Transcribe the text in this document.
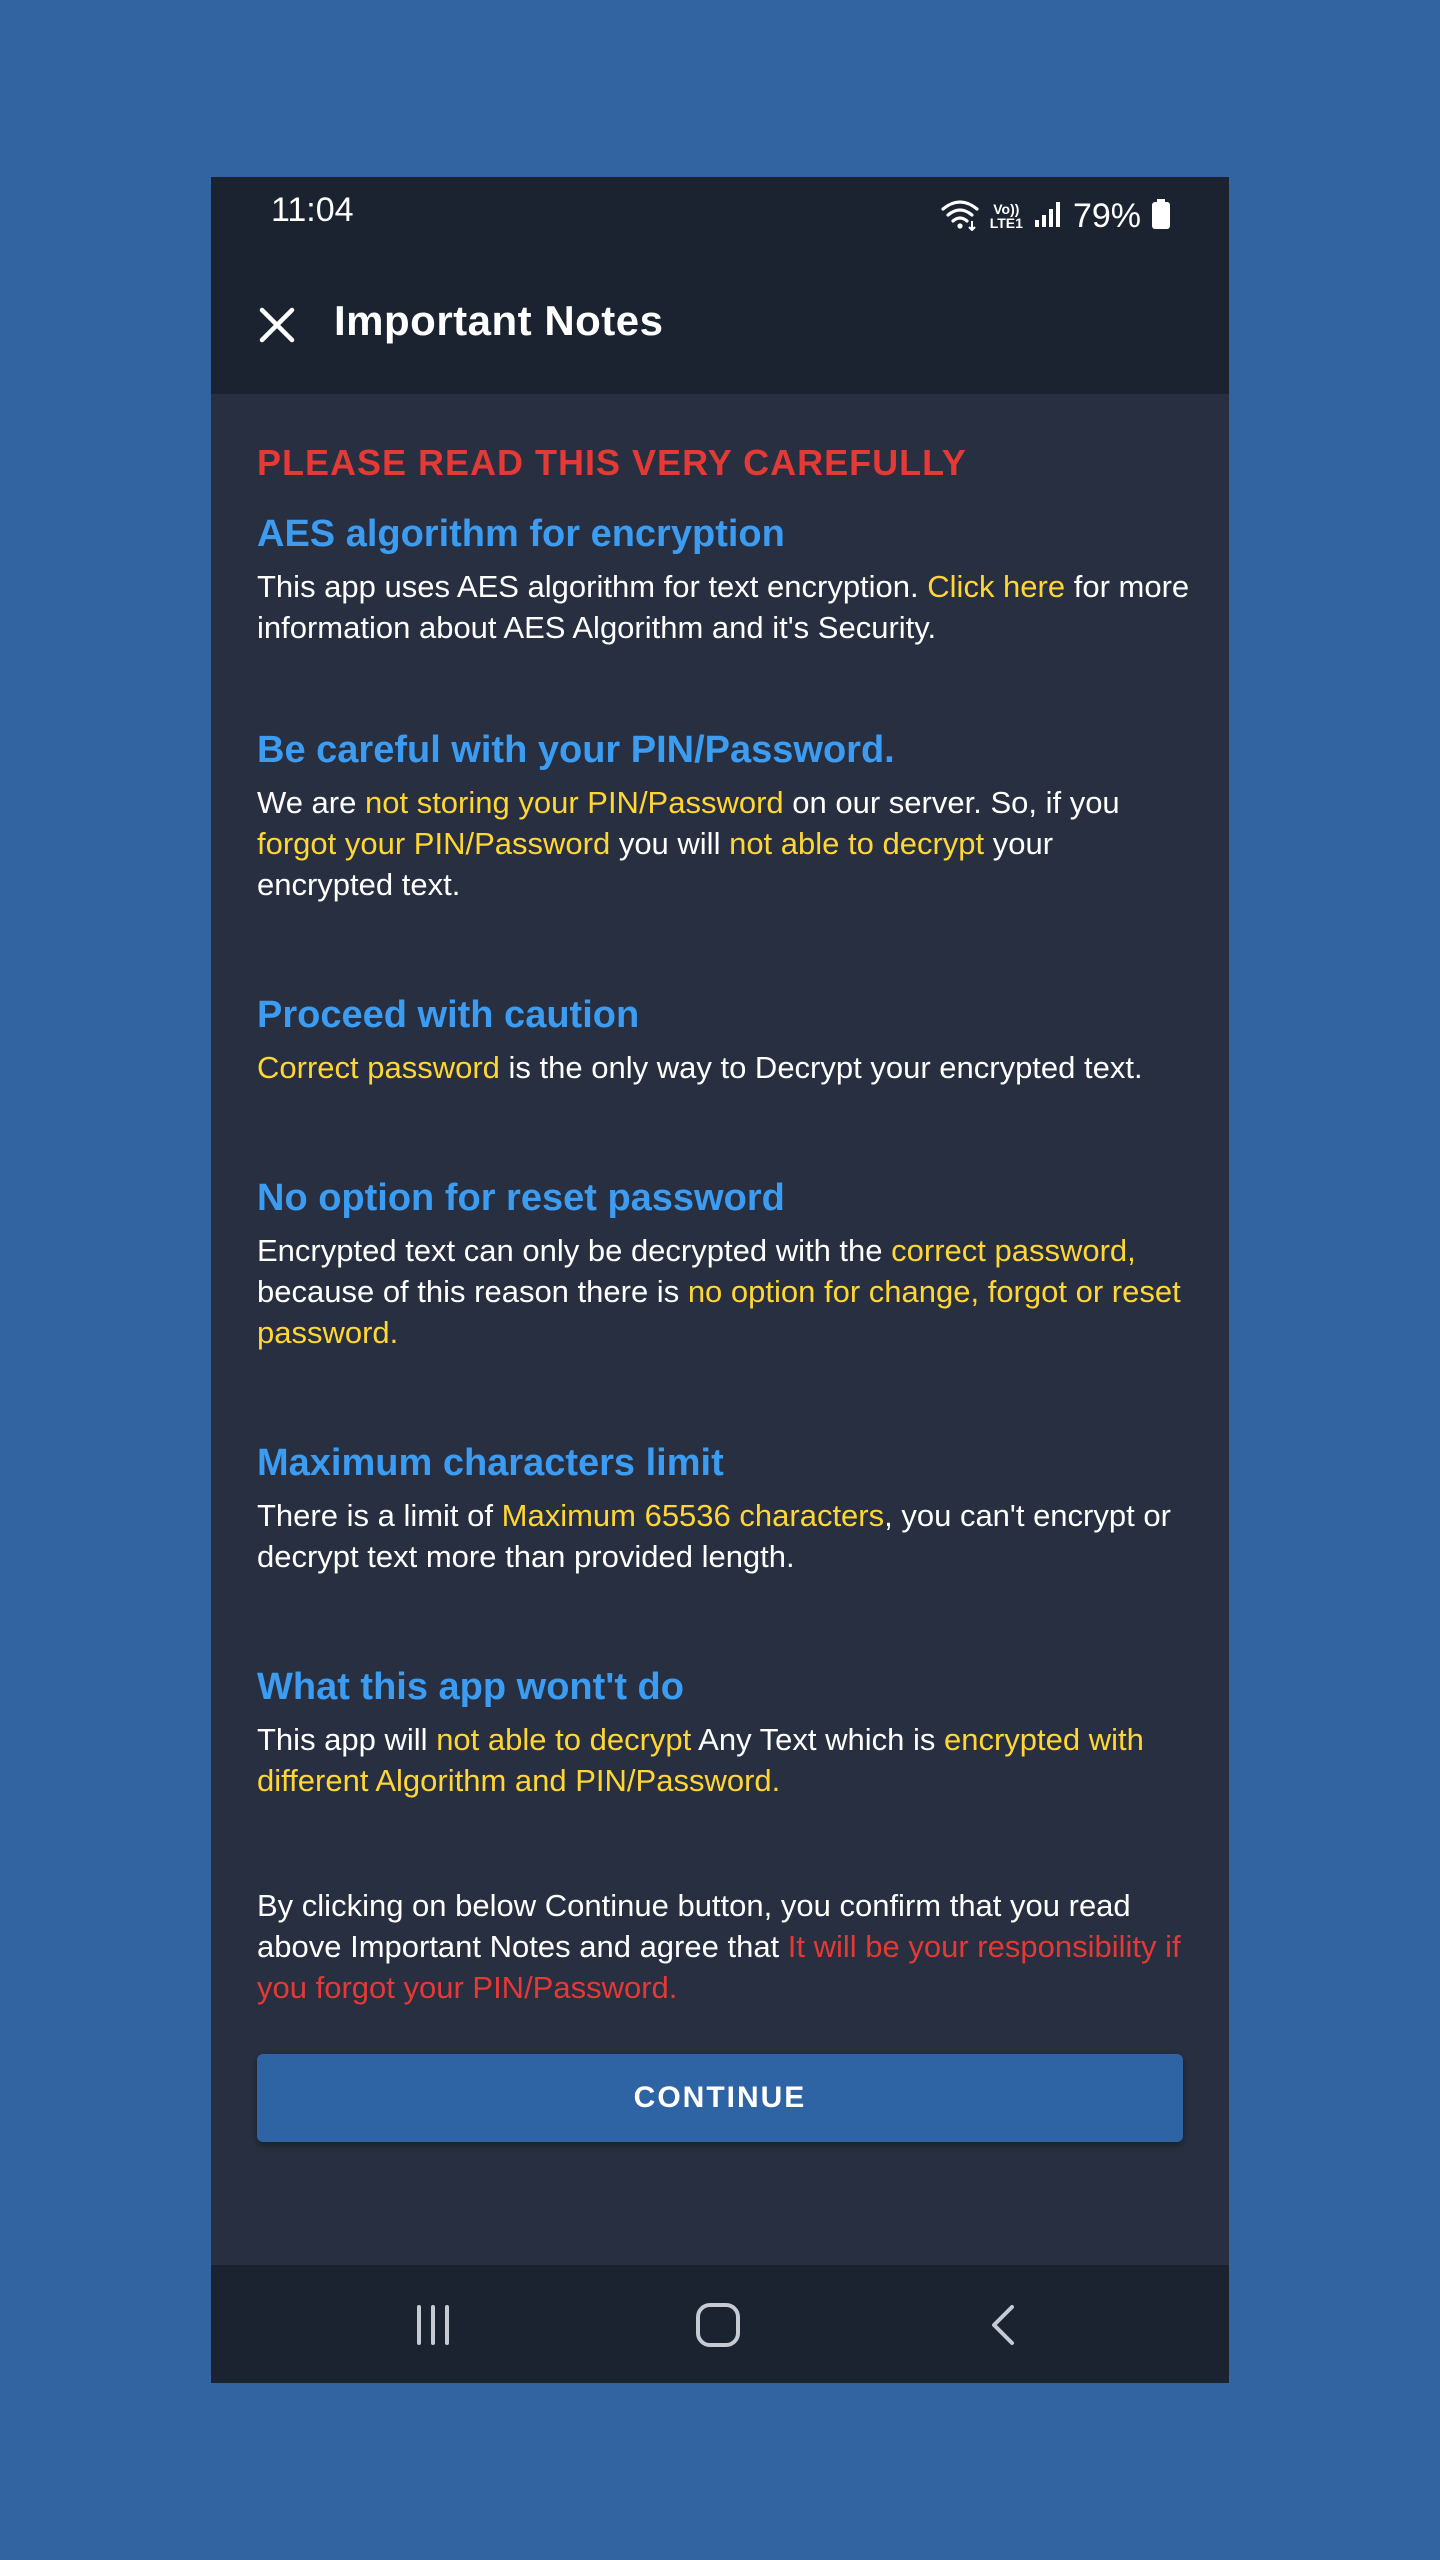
11:04	Vo))
LTE1 79%
Important Notes

PLEASE READ THIS VERY CAREFULLY

AES algorithm for encryption

This app uses AES algorithm for text encryption. Click here for more information about AES Algorithm and it's Security.

Be careful with your PIN/Password.

We are not storing your PIN/Password on our server. So, if you forgot your PIN/Password you will not able to decrypt your encrypted text.

Proceed with caution

Correct password is the only way to Decrypt your encrypted text.

No option for reset password

Encrypted text can only be decrypted with the correct password, because of this reason there is no option for change, forgot or reset password.

Maximum characters limit

There is a limit of Maximum 65536 characters, you can't encrypt or decrypt text more than provided length.

What this app wont't do

This app will not able to decrypt Any Text which is encrypted with different Algorithm and PIN/Password.

By clicking on below Continue button, you confirm that you read above Important Notes and agree that It will be your responsibility if you forgot your PIN/Password.

CONTINUE
